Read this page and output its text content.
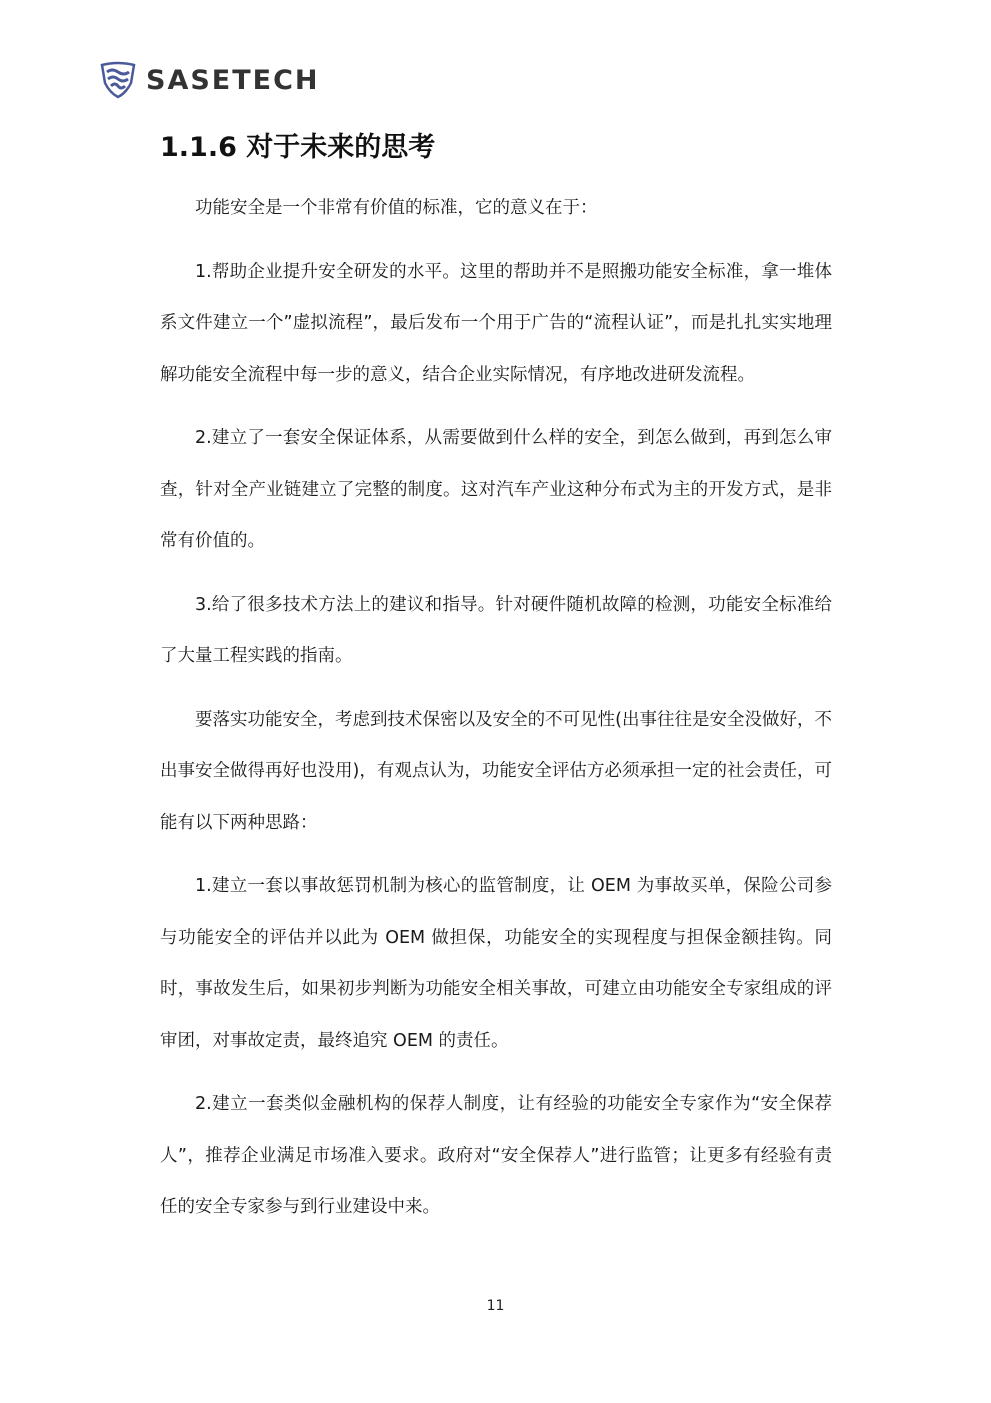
SASETECH
1.1.6 对于未来的思考

功能安全是一个非常有价值的标准，它的意义在于：

1.帮助企业提升安全研发的水平。这里的帮助并不是照搬功能安全标准，拿一堆体系文件建立一个”虚拟流程”，最后发布一个用于广告的“流程认证”，而是扎扎实实地理解功能安全流程中每一步的意义，结合企业实际情况，有序地改进研发流程。

2.建立了一套安全保证体系，从需要做到什么样的安全，到怎么做到，再到怎么审查，针对全产业链建立了完整的制度。这对汽车产业这种分布式为主的开发方式，是非常有价值的。

3.给了很多技术方法上的建议和指导。针对硬件随机故障的检测，功能安全标准给了大量工程实践的指南。

要落实功能安全，考虑到技术保密以及安全的不可见性(出事往往是安全没做好，不出事安全做得再好也没用)，有观点认为，功能安全评估方必须承担一定的社会责任，可能有以下两种思路：

1.建立一套以事故惩罚机制为核心的监管制度，让 OEM 为事故买单，保险公司参与功能安全的评估并以此为 OEM 做担保，功能安全的实现程度与担保金额挂钩。同时，事故发生后，如果初步判断为功能安全相关事故，可建立由功能安全专家组成的评审团，对事故定责，最终追究 OEM 的责任。

2.建立一套类似金融机构的保荐人制度，让有经验的功能安全专家作为“安全保荐人”，推荐企业满足市场准入要求。政府对“安全保荐人”进行监管；让更多有经验有责任的安全专家参与到行业建设中来。

11
